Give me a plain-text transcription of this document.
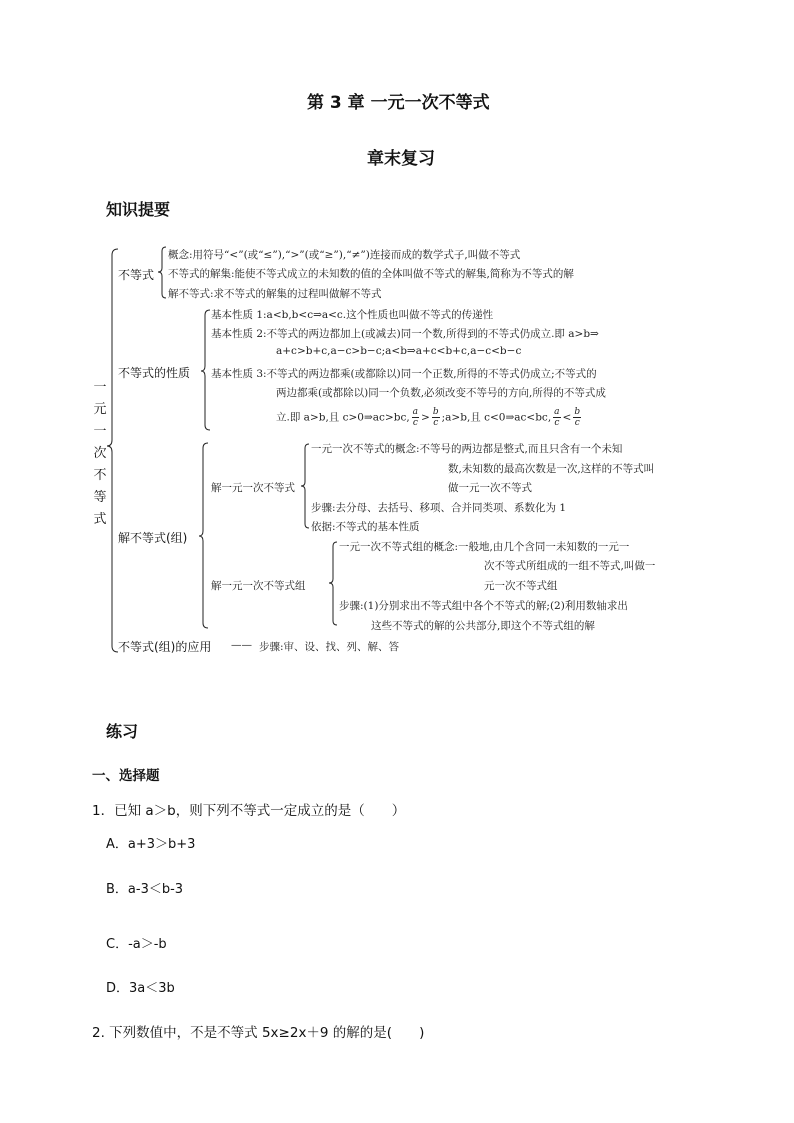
第 3 章 一元一次不等式
章末复习
知识提要
一元一次不等式
不等式
概念:用符号“<”(或“≤”),“>”(或“≥”),“≠”)连接而成的数学式子,叫做不等式
不等式的解集:能使不等式成立的未知数的值的全体叫做不等式的解集,简称为不等式的解
解不等式:求不等式的解集的过程叫做解不等式
不等式的性质
基本性质 1:a<b,b<c⇒a<c.这个性质也叫做不等式的传递性
基本性质 2:不等式的两边都加上(或减去)同一个数,所得到的不等式仍成立.即 a>b⇒
a+c>b+c,a−c>b−c;a<b⇒a+c<b+c,a−c<b−c
基本性质 3:不等式的两边都乘(或都除以)同一个正数,所得的不等式仍成立;不等式的
两边都乘(或都除以)同一个负数,必须改变不等号的方向,所得的不等式成
立.即 a>b,且 c>0⇒ac>bc, $\frac{a}{c} > \frac{b}{c}$ ;a>b,且 c<0⇒ac<bc, $\frac{a}{c} < \frac{b}{c}$
解不等式(组)
解一元一次不等式
一元一次不等式的概念:不等号的两边都是整式,而且只含有一个未知
数,未知数的最高次数是一次,这样的不等式叫
做一元一次不等式
步骤:去分母、去括号、移项、合并同类项、系数化为 1
依据:不等式的基本性质
解一元一次不等式组
一元一次不等式组的概念:一般地,由几个含同一未知数的一元一
次不等式所组成的一组不等式,叫做一
元一次不等式组
步骤:(1)分别求出不等式组中各个不等式的解;(2)利用数轴求出
这些不等式的解的公共部分,即这个不等式组的解
不等式(组)的应用 —— 步骤:审、设、找、列、解、答
练习
一、选择题
1．已知 a＞b，则下列不等式一定成立的是（　　）
A．a+3＞b+3
B．a-3＜b-3
C．-a＞-b
D．3a＜3b
2. 下列数值中，不是不等式 5x≥2x＋9 的解的是(　　)
